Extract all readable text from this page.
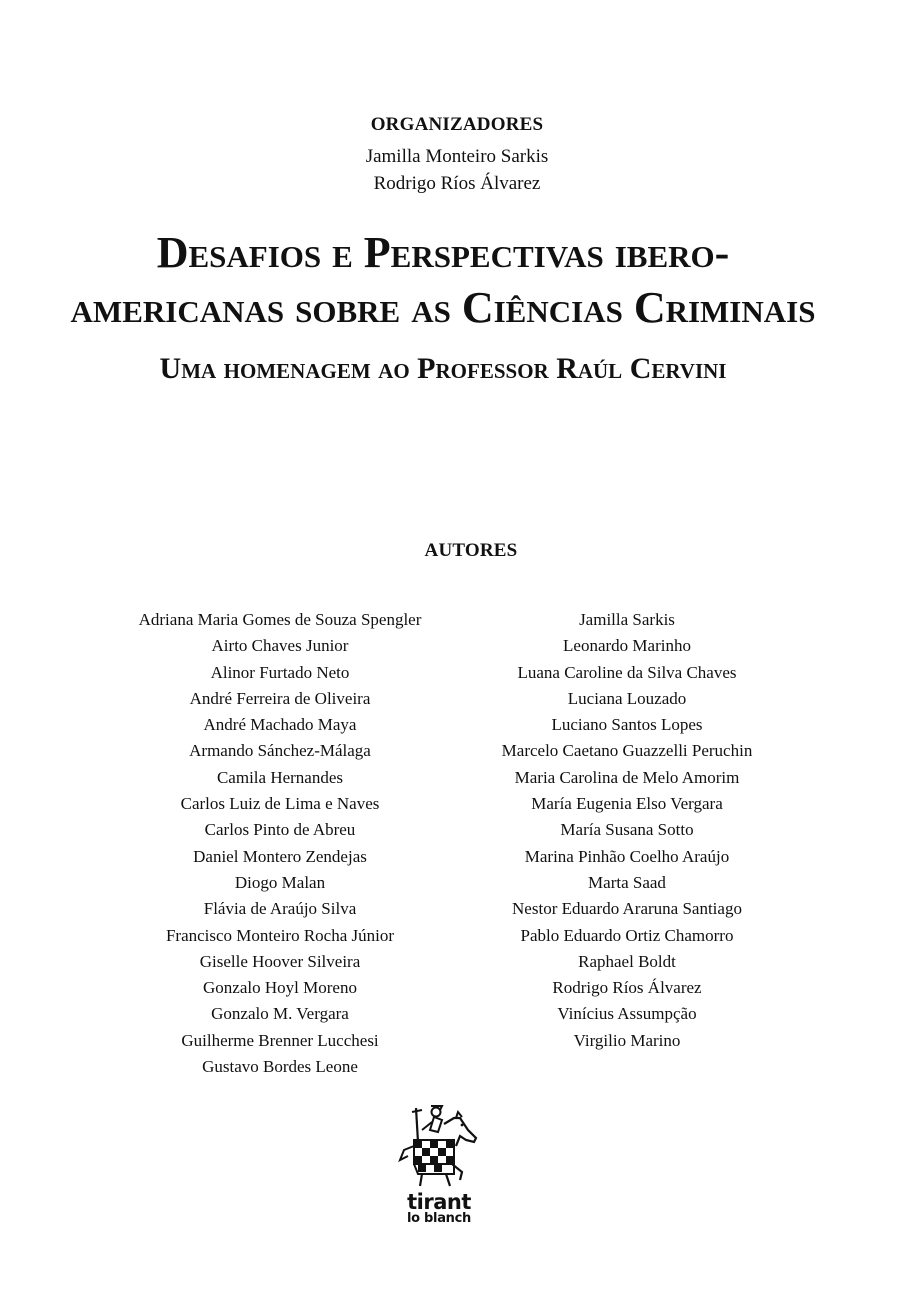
ORGANIZADORES
Jamilla Monteiro Sarkis
Rodrigo Ríos Álvarez
Desafios e Perspectivas ibero-
americanas sobre as Ciências Criminais
Uma homenagem ao Professor Raúl Cervini
AUTORES
Adriana Maria Gomes de Souza Spengler
Airto Chaves Junior
Alinor Furtado Neto
André Ferreira de Oliveira
André Machado Maya
Armando Sánchez-Málaga
Camila Hernandes
Carlos Luiz de Lima e Naves
Carlos Pinto de Abreu
Daniel Montero Zendejas
Diogo Malan
Flávia de Araújo Silva
Francisco Monteiro Rocha Júnior
Giselle Hoover Silveira
Gonzalo Hoyl Moreno
Gonzalo M. Vergara
Guilherme Brenner Lucchesi
Gustavo Bordes Leone
Jamilla Sarkis
Leonardo Marinho
Luana Caroline da Silva Chaves
Luciana Louzado
Luciano Santos Lopes
Marcelo Caetano Guazzelli Peruchin
Maria Carolina de Melo Amorim
María Eugenia Elso Vergara
María Susana Sotto
Marina Pinhão Coelho Araújo
Marta Saad
Nestor Eduardo Araruna Santiago
Pablo Eduardo Ortiz Chamorro
Raphael Boldt
Rodrigo Ríos Álvarez
Vinícius Assumpção
Virgilio Marino
tirant
lo blanch
